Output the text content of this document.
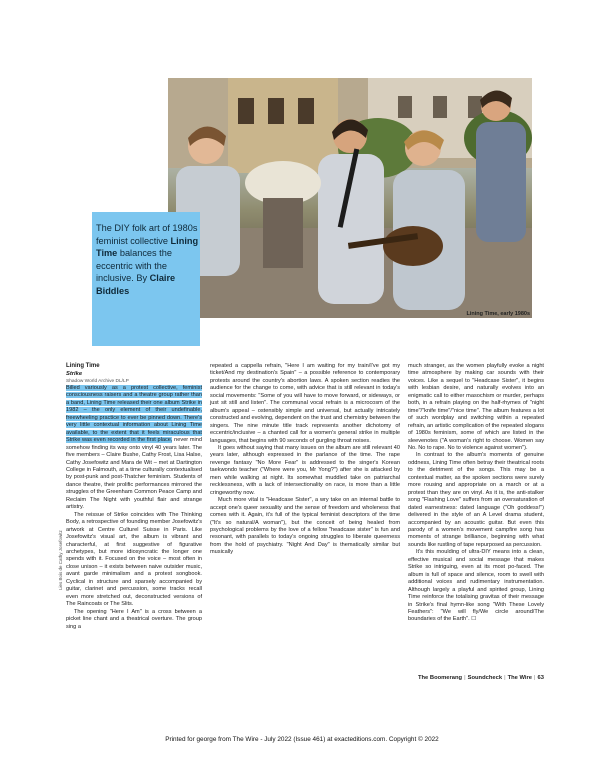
Lining Time, early 1980s
The DIY folk art of 1980s feminist collective Lining Time balances the eccentric with the inclusive. By Claire Biddles
Lies Bois de Cathy Josefowitz
Lining Time
Strike
Shadow World Archive DL/LP

Billed variously as a protest collective, feminist consciousness raisers and a theatre group rather than a band, Lining Time released their one album Strike in 1982 – the only element of their undefinable, freewheeling practice to ever be pinned down. There's very little contextual information about Lining Time available, to the extent that it feels miraculous that Strike was even recorded in the first place, never mind somehow finding its way onto vinyl 40 years later. The five members – Claire Bushe, Cathy Frost, Lisa Halse, Cathy Josefowitz and Mara de Wit – met at Dartington College in Falmouth, at a time culturally contextualised by post-punk and post-Thatcher feminism. Students of dance theatre, their prolific performances mirrored the struggles of the Greenham Common Peace Camp and Reclaim The Night with youthful flair and strange artistry.

The reissue of Strike coincides with The Thinking Body, a retrospective of founding member Josefowitz's artwork at Centre Culturel Suisse in Paris. Like Josefowitz's visual art, the album is vibrant and characterful, at first suggestive of figurative archetypes, but more idiosyncratic the longer one spends with it. Focused on the voice – most often in close unison – it exists between naive outsider music, avant garde minimalism and a protest songbook. Cyclical in structure and sparsely accompanied by guitar, clarinet and percussion, some tracks recall even more stretched out, deconstructed versions of The Raincoats or The Slits.

The opening "Here I Am" is a cross between a picket line chant and a theatrical overture. The group sing a

repeated a cappella refrain, "Here I am waiting for my train/I've got my ticket/And my destination's Spain" – a possible reference to contemporary protests around the country's abortion laws. A spoken section readies the audience for the change to come, with advice that is still relevant in today's social movements: "Some of you will have to move forward, or sideways, or just sit still and listen". The communal vocal refrain is a microcosm of the album's appeal – ostensibly simple and universal, but actually intricately constructed and evolving, dependent on the trust and chemistry between the singers. The nine minute title track represents another dichotomy of eccentric/inclusive – a chanted call for a women's general strike in multiple languages, that begins with 90 seconds of gurgling throat noises.

It goes without saying that many issues on the album are still relevant 40 years later, although expressed in the parlance of the time. The rape revenge fantasy "No More Fear" is addressed to the singer's Korean taekwondo teacher ("Where were you, Mr Yong?") after she is attacked by men while walking at night. Its somewhat muddled take on patriarchal recklessness, with a lack of intersectionality on race, is more than a little cringeworthy now.

Much more vital is "Headcase Sister", a wry take on an internal battle to accept one's queer sexuality and the sense of freedom and wholeness that comes with it. Again, it's full of the typical feminist descriptors of the time ("It's so natural/A woman"), but the conceit of being healed from psychological problems by the love of a fellow "headcase sister" is fun and resonant, with parallels to today's ongoing struggles to liberate queerness from the hold of psychiatry. "Night And Day" is thematically similar but musically

much stranger, as the women playfully evoke a night time atmosphere by making car sounds with their voices. Like a sequel to "Headcase Sister", it begins with lesbian desire, and naturally evolves into an enigmatic call to either masochism or murder, perhaps both, in a refrain playing on the half-rhymes of "night time"/"knife time"/"nice time". The album features a lot of such wordplay and switching within a repeated refrain, an artistic complication of the repeated slogans of 1980s feminism, some of which are listed in the sleevenotes ("A woman's right to choose. Women say No. No to rape. No to violence against women").

In contrast to the album's moments of genuine oddness, Lining Time often betray their theatrical roots to the detriment of the songs. This may be a contextual matter, as the spoken sections were surely more rousing and appropriate on a march or at a protest than they are on vinyl. As it is, the anti-stalker song "Flashing Love" suffers from an oversaturation of dated earnestness: dated language ("Oh goddess!") delivered in the style of an A Level drama student, accompanied by an acoustic guitar. But even this parody of a women's movement campfire song has moments of strange brilliance, beginning with what sounds like rustling of tape repurposed as percussion.

It's this moulding of ultra-DIY means into a clean, effective musical and social message that makes Strike so intriguing, even at its most po-faced. The album is full of space and silence, room to swell with additional voices and rudimentary instrumentation. Although largely a playful and spirited group, Lining Time reinforce the totalising gravitas of their message in Strike's final hymn-like song "With These Lovely Feathers": "We will fly/We circle around/The boundaries of the Earth". ☐

The Boomerang | Soundcheck | The Wire | 63
Printed for george from The Wire - July 2022 (Issue 461) at exacteditions.com. Copyright © 2022
